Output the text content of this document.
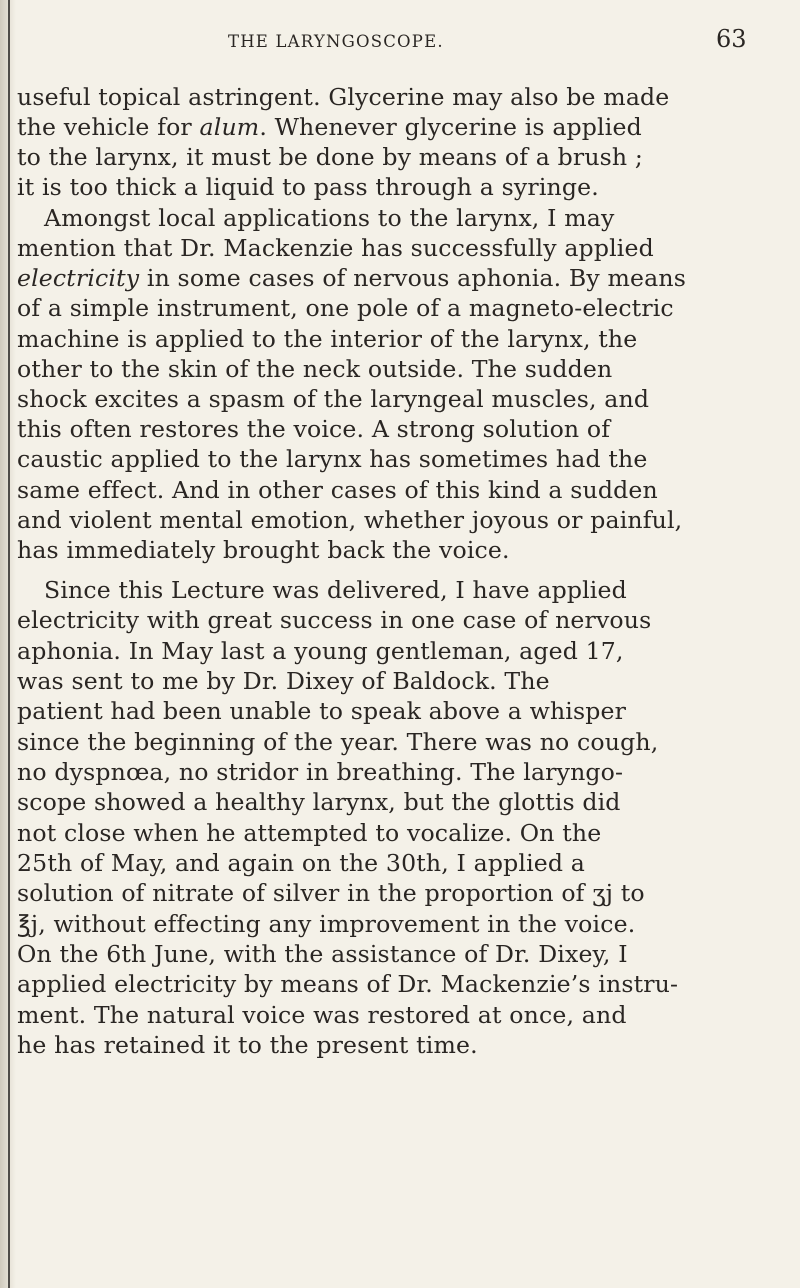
THE LARYNGOSCOPE.	63
useful topical astringent. Glycerine may also be made
the vehicle for alum. Whenever glycerine is applied
to the larynx, it must be done by means of a brush ;
it is too thick a liquid to pass through a syringe.
Amongst local applications to the larynx, I may
mention that Dr. Mackenzie has successfully applied
electricity in some cases of nervous aphonia. By means
of a simple instrument, one pole of a magneto-electric
machine is applied to the interior of the larynx, the
other to the skin of the neck outside. The sudden
shock excites a spasm of the laryngeal muscles, and
this often restores the voice. A strong solution of
caustic applied to the larynx has sometimes had the
same effect. And in other cases of this kind a sudden
and violent mental emotion, whether joyous or painful,
has immediately brought back the voice.
Since this Lecture was delivered, I have applied
electricity with great success in one case of nervous
aphonia. In May last a young gentleman, aged 17,
was sent to me by Dr. Dixey of Baldock. The
patient had been unable to speak above a whisper
since the beginning of the year. There was no cough,
no dyspnœa, no stridor in breathing. The laryngo-
scope showed a healthy larynx, but the glottis did
not close when he attempted to vocalize. On the
25th of May, and again on the 30th, I applied a
solution of nitrate of silver in the proportion of ʒj to
℥j, without effecting any improvement in the voice.
On the 6th June, with the assistance of Dr. Dixey, I
applied electricity by means of Dr. Mackenzie’s instru-
ment. The natural voice was restored at once, and
he has retained it to the present time.
